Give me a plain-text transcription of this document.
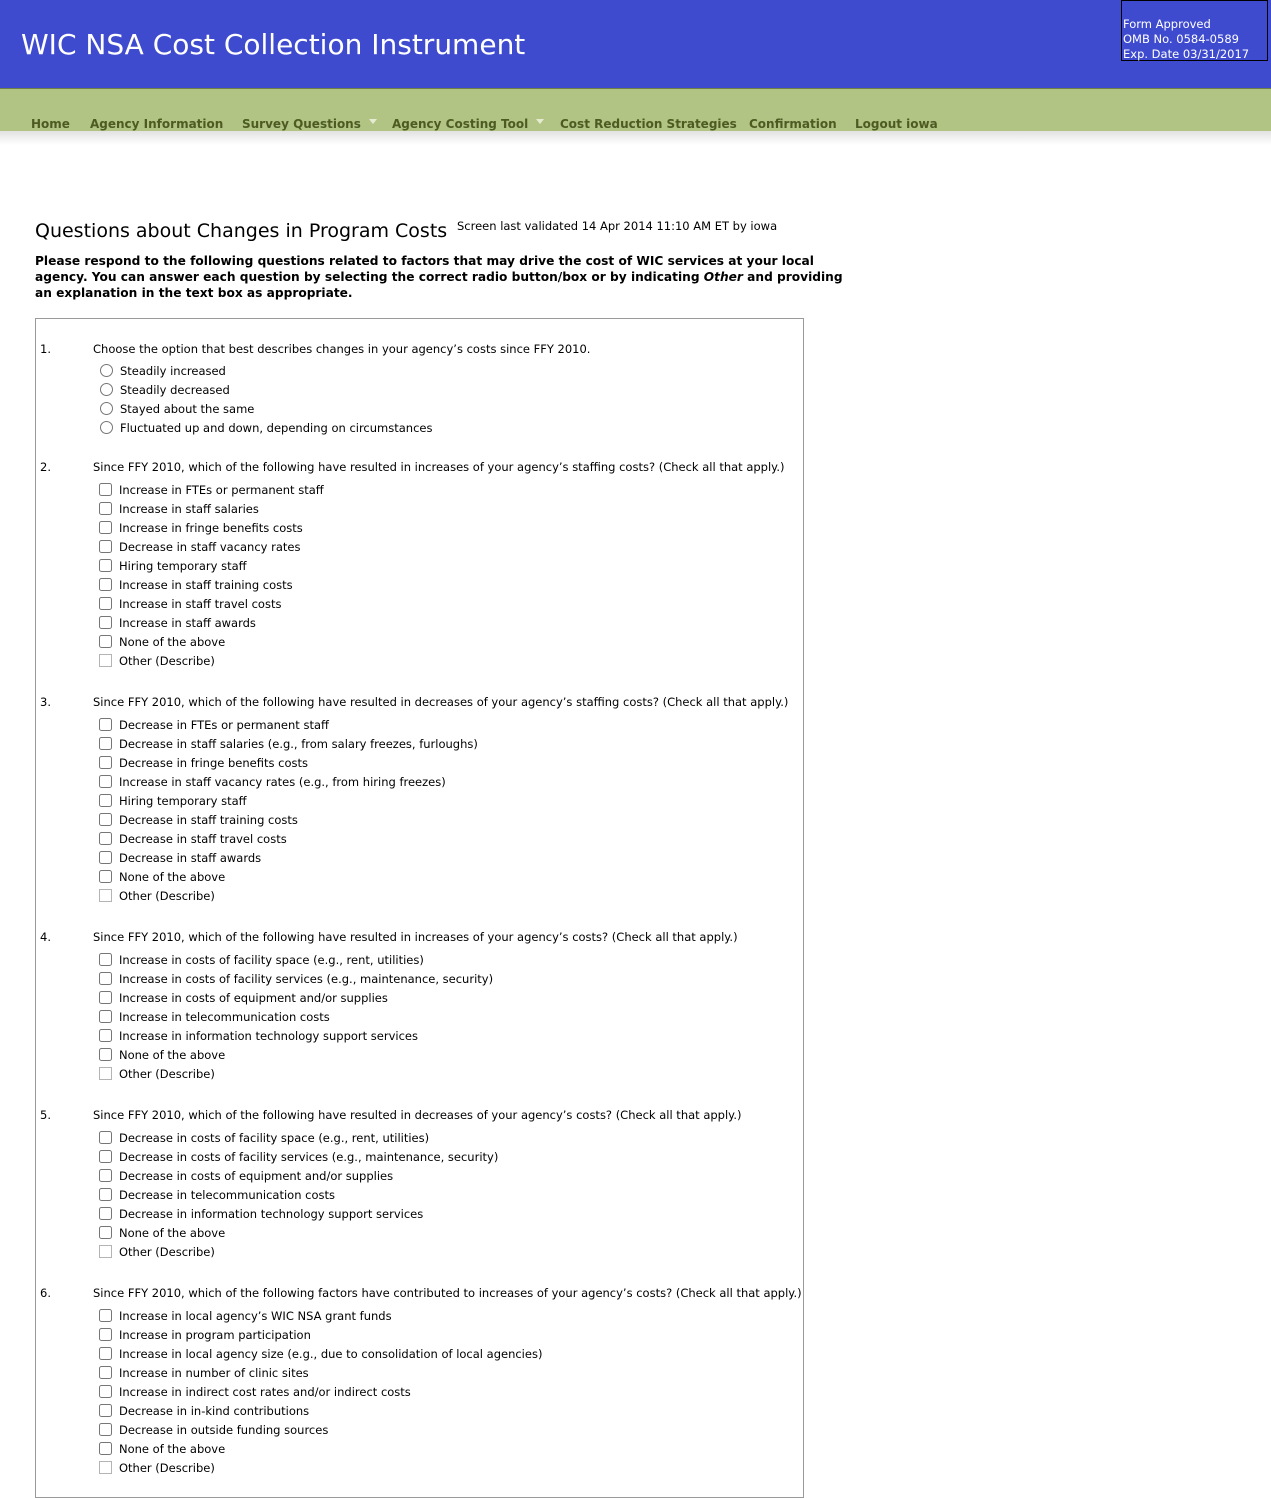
WIC NSA Cost Collection Instrument
Form Approved
OMB No. 0584-0589
Exp. Date 03/31/2017
Home Agency Information Survey Questions	Agency Costing Tool	Cost Reduction Strategies Confirmation Logout iowa
Questions about Changes in Program Costs Screen last validated 14 Apr 2014 11:10 AM ET by iowa

Please respond to the following questions related to factors that may drive the cost of WIC services at your local agency. You can answer each question by selecting the correct radio button/box or by indicating Other and providing an explanation in the text box as appropriate.

1.	Choose the option that best describes changes in your agency’s costs since FFY 2010.
Steadily increased
Steadily decreased
Stayed about the same
Fluctuated up and down, depending on circumstances
2.	Since FFY 2010, which of the following have resulted in increases of your agency’s staffing costs? (Check all that apply.)
Increase in FTEs or permanent staff
Increase in staff salaries
Increase in fringe benefits costs
Decrease in staff vacancy rates
Hiring temporary staff
Increase in staff training costs
Increase in staff travel costs
Increase in staff awards
None of the above
Other (Describe)
3.	Since FFY 2010, which of the following have resulted in decreases of your agency’s staffing costs? (Check all that apply.)
Decrease in FTEs or permanent staff
Decrease in staff salaries (e.g., from salary freezes, furloughs)
Decrease in fringe benefits costs
Increase in staff vacancy rates (e.g., from hiring freezes)
Hiring temporary staff
Decrease in staff training costs
Decrease in staff travel costs
Decrease in staff awards
None of the above
Other (Describe)
4.	Since FFY 2010, which of the following have resulted in increases of your agency’s costs? (Check all that apply.)
Increase in costs of facility space (e.g., rent, utilities)
Increase in costs of facility services (e.g., maintenance, security)
Increase in costs of equipment and/or supplies
Increase in telecommunication costs
Increase in information technology support services
None of the above
Other (Describe)
5.	Since FFY 2010, which of the following have resulted in decreases of your agency’s costs? (Check all that apply.)
Decrease in costs of facility space (e.g., rent, utilities)
Decrease in costs of facility services (e.g., maintenance, security)
Decrease in costs of equipment and/or supplies
Decrease in telecommunication costs
Decrease in information technology support services
None of the above
Other (Describe)
6.	Since FFY 2010, which of the following factors have contributed to increases of your agency’s costs? (Check all that apply.)
Increase in local agency’s WIC NSA grant funds
Increase in program participation
Increase in local agency size (e.g., due to consolidation of local agencies)
Increase in number of clinic sites
Increase in indirect cost rates and/or indirect costs
Decrease in in-kind contributions
Decrease in outside funding sources
None of the above
Other (Describe)
